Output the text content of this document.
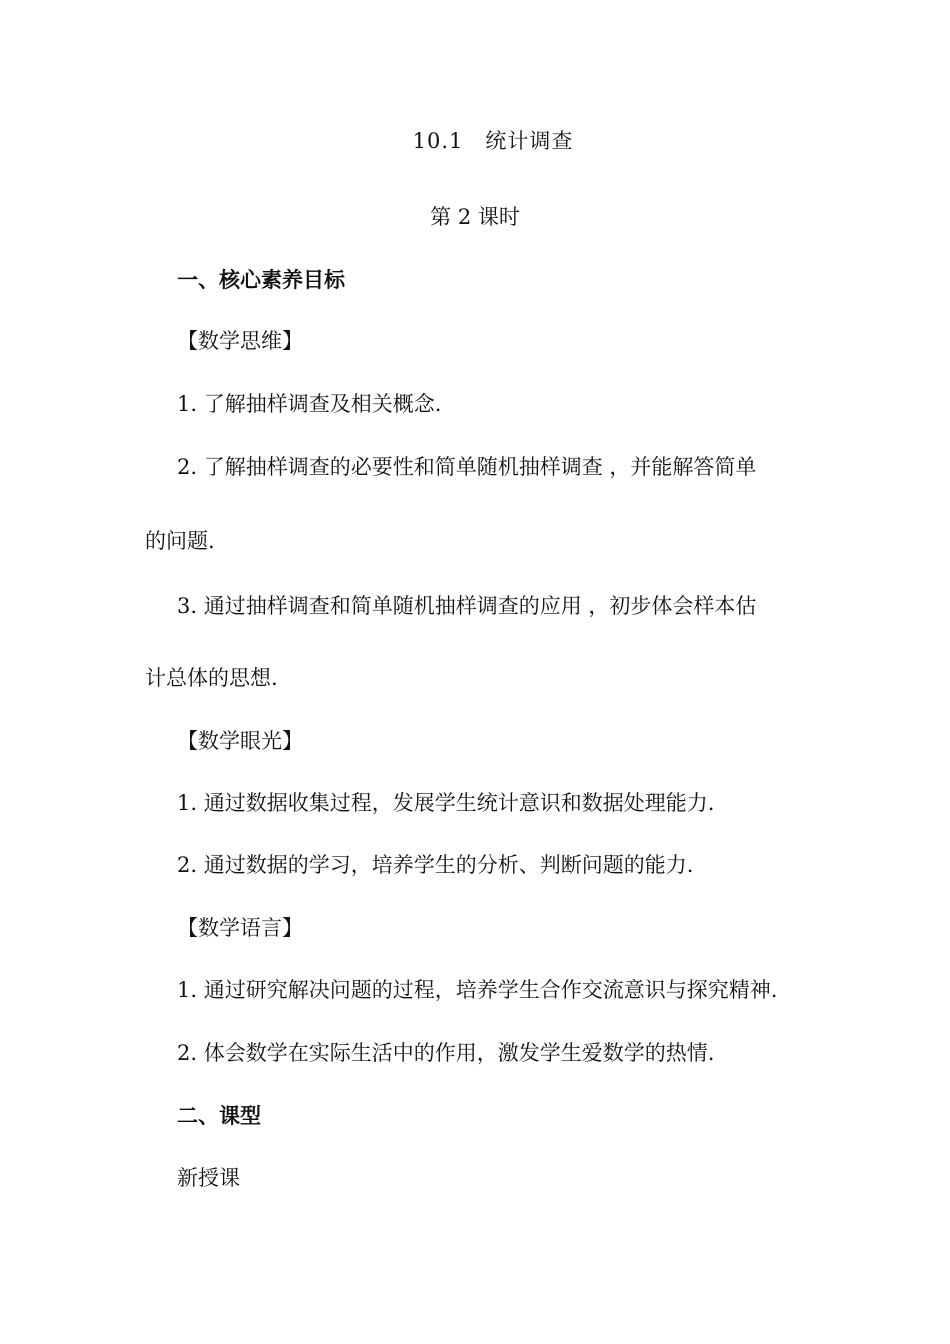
10.1　统计调查
第 2 课时
一、核心素养目标
【数学思维】
1. 了解抽样调查及相关概念.
2. 了解抽样调查的必要性和简单随机抽样调查 ，并能解答简单
的问题.
3. 通过抽样调查和简单随机抽样调查的应用 ，初步体会样本估
计总体的思想.
【数学眼光】
1. 通过数据收集过程，发展学生统计意识和数据处理能力.
2. 通过数据的学习，培养学生的分析、判断问题的能力.
【数学语言】
1. 通过研究解决问题的过程，培养学生合作交流意识与探究精神.
2. 体会数学在实际生活中的作用，激发学生爱数学的热情.
二、课型
新授课
